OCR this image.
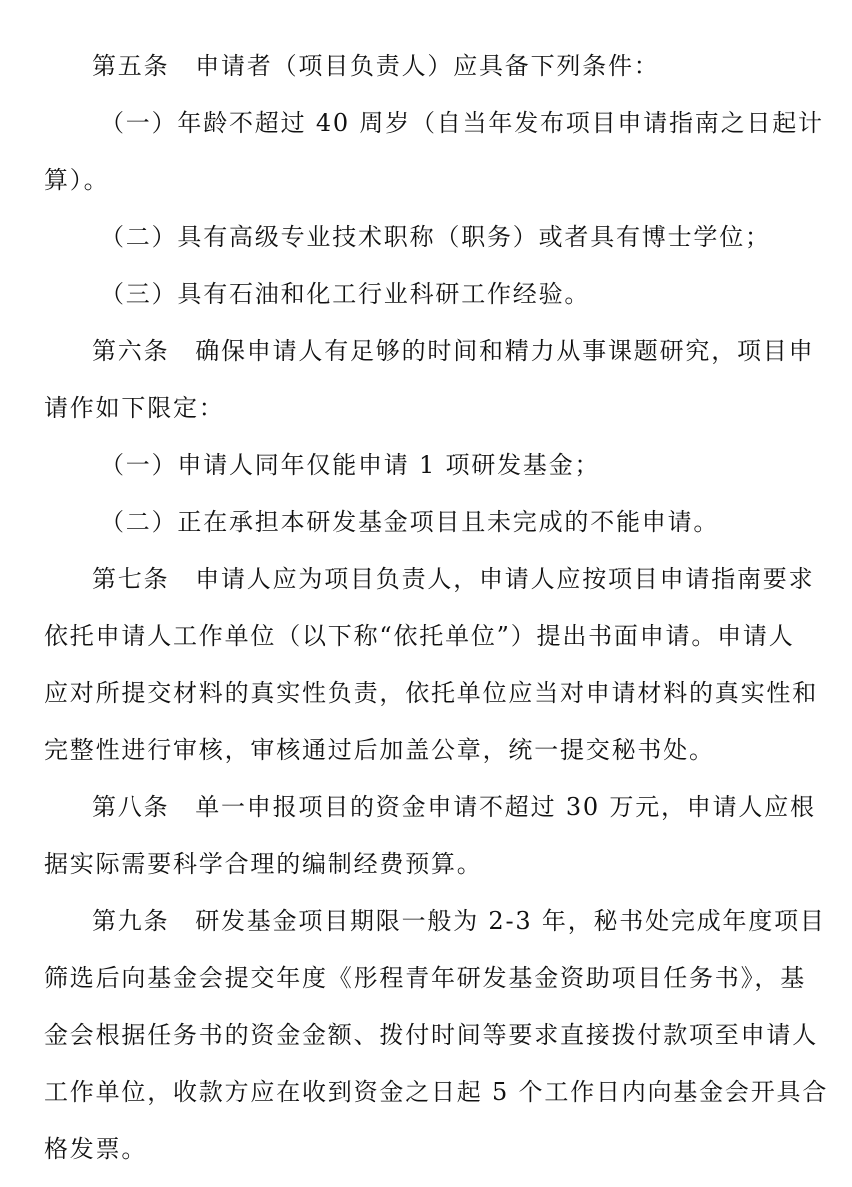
第五条　申请者（项目负责人）应具备下列条件：
（一）年龄不超过 40 周岁（自当年发布项目申请指南之日起计
算）。
（二）具有高级专业技术职称（职务）或者具有博士学位；
（三）具有石油和化工行业科研工作经验。
第六条　确保申请人有足够的时间和精力从事课题研究，项目申
请作如下限定：
（一）申请人同年仅能申请 1 项研发基金；
（二）正在承担本研发基金项目且未完成的不能申请。
第七条　申请人应为项目负责人，申请人应按项目申请指南要求
依托申请人工作单位（以下称“依托单位”）提出书面申请。申请人
应对所提交材料的真实性负责，依托单位应当对申请材料的真实性和
完整性进行审核，审核通过后加盖公章，统一提交秘书处。
第八条　单一申报项目的资金申请不超过 30 万元，申请人应根
据实际需要科学合理的编制经费预算。
第九条　研发基金项目期限一般为 2-3 年，秘书处完成年度项目
筛选后向基金会提交年度《彤程青年研发基金资助项目任务书》，基
金会根据任务书的资金金额、拨付时间等要求直接拨付款项至申请人
工作单位，收款方应在收到资金之日起 5 个工作日内向基金会开具合
格发票。
